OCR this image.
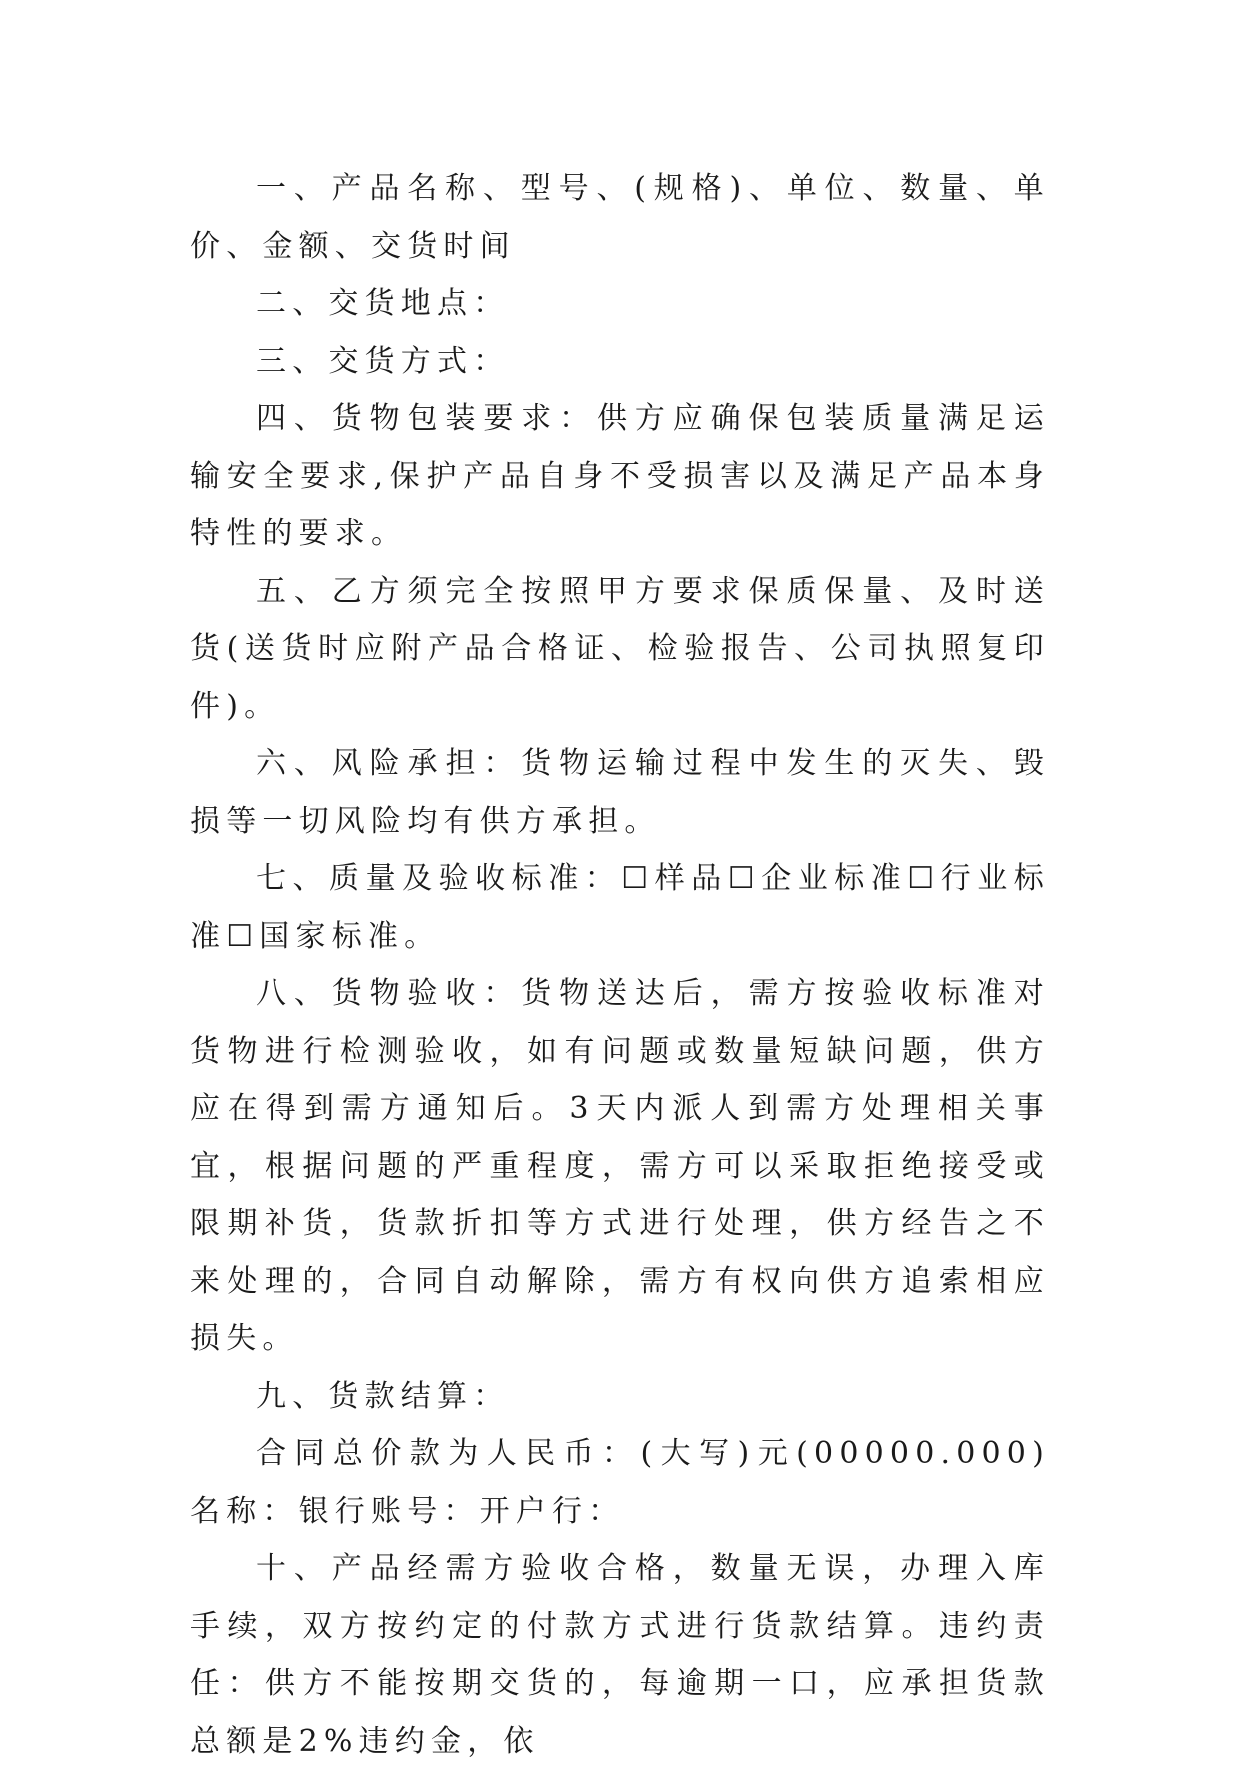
一、产品名称、型号、(规格)、单位、数量、单价、金额、交货时间

二、交货地点：

三、交货方式：

四、货物包装要求：供方应确保包装质量满足运输安全要求,保护产品自身不受损害以及满足产品本身特性的要求。

五、乙方须完全按照甲方要求保质保量、及时送货(送货时应附产品合格证、检验报告、公司执照复印件)。

六、风险承担：货物运输过程中发生的灭失、毁损等一切风险均有供方承担。

七、质量及验收标准：☐样品☐企业标准☐行业标准☐国家标准。

八、货物验收：货物送达后，需方按验收标准对货物进行检测验收，如有问题或数量短缺问题，供方应在得到需方通知后。3天内派人到需方处理相关事宜，根据问题的严重程度，需方可以采取拒绝接受或限期补货，货款折扣等方式进行处理，供方经告之不来处理的，合同自动解除，需方有权向供方追索相应损失。

九、货款结算：

合同总价款为人民币：(大写)元(00000.000)名称：银行账号：开户行：

十、产品经需方验收合格，数量无误，办理入库手续，双方按约定的付款方式进行货款结算。违约责任：供方不能按期交货的，每逾期一口，应承担货款总额是2%违约金，依
